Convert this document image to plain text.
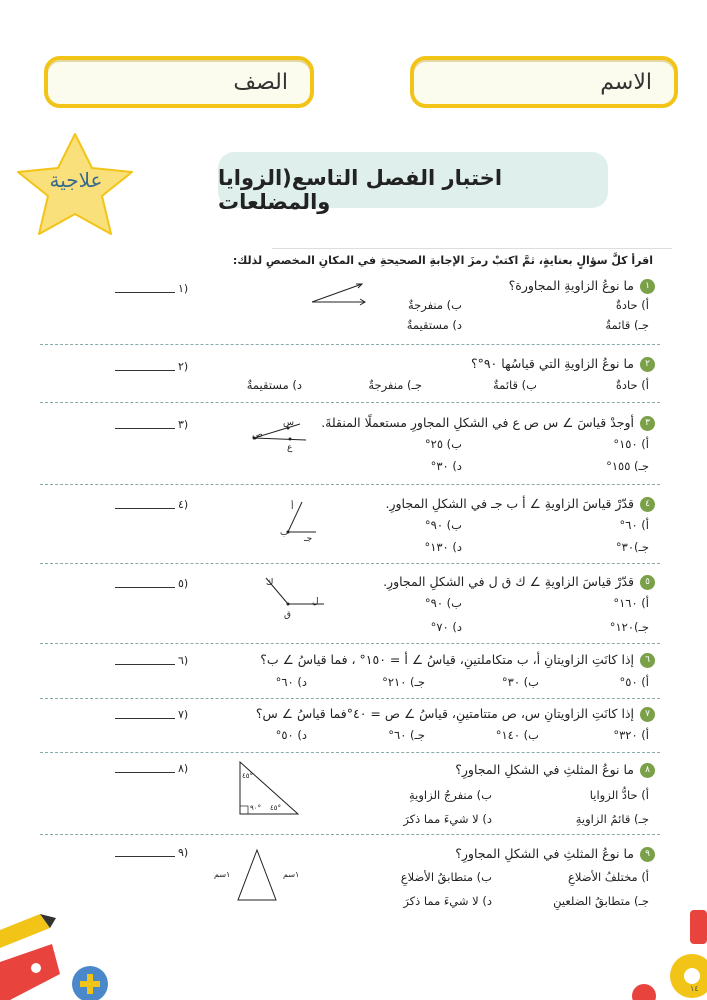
الاسم
الصف
علاجية	اختبار الفصل التاسع(الزوايا والمضلعات
اقرأ كلَّ سؤالٍ بعنايةٍ، ثمَّ اكتبْ رمزَ الإجابةِ الصحيحةِ في المكانِ المخصصِ لذلك:
١ما نوعُ الزاويةِ المجاورة؟
أ) حادةٌ
ب) منفرجةٌ
جـ) قائمةٌ
د) مستقيمةٌ
(١
٢ما نوعُ الزاويةِ التي قياسُها ٩٠°؟
أ) حادةٌ
ب) قائمةٌ
جـ) منفرجةٌ
د) مستقيمةٌ
(٢
٣أوجدْ قياسَ ∠ س ص ع في الشكلِ المجاورِ مستعملًا المنقلةَ.
أ) ١٥٠°
ب) ٢٥°
جـ) ١٥٥°
د) ٣٠°
(٣	س
ص
ع
٤قدّرْ قياسَ الزاويةِ ∠ أ ب جـ في الشكلِ المجاورِ.
أ) ٦٠°
ب) ٩٠°
جـ)٣٠°
د) ١٣٠°
(٤	أ
ب
جـ
٥قدّرْ قياسَ الزاويةِ ∠ ك ق ل في الشكلِ المجاورِ.
أ) ١٦٠°
ب) ٩٠°
جـ)١٢٠°
د) ٧٠°
(٥	ك
ق
ل
٦إذا كانَتِ الزاويتانِ أ، ب متكاملتينِ، قياسُ ∠ أ = ١٥٠° ، فما قياسُ ∠ ب؟
أ) ٥٠°
ب) ٣٠°
جـ) ٢١٠°
د) ٦٠°
(٦
٧إذا كانَتِ الزاويتانِ س، ص متتامتينِ، قياسُ ∠ ص = ٤٠°فما قياسُ ∠ س؟
أ) ٣٢٠°
ب) ١٤٠°
جـ) ٦٠°
د) ٥٠°
(٧
٨ما نوعُ المثلثِ في الشكلِ المجاورِ؟
أ) حادُّ الزوايا
ب) منفرجُ الزاويةِ
جـ) قائمُ الزاويةِ
د) لا شيءَ مما ذكرَ
(٨
٤٥°
٤٥°
٩٠°
٩ما نوعُ المثلثِ في الشكلِ المجاورِ؟
أ) مختلفُ الأضلاعِ
ب) متطابقُ الأضلاعِ
جـ) متطابقُ الضلعينِ
د) لا شيءَ مما ذكرَ
(٩
١سم
١سم
١٤
